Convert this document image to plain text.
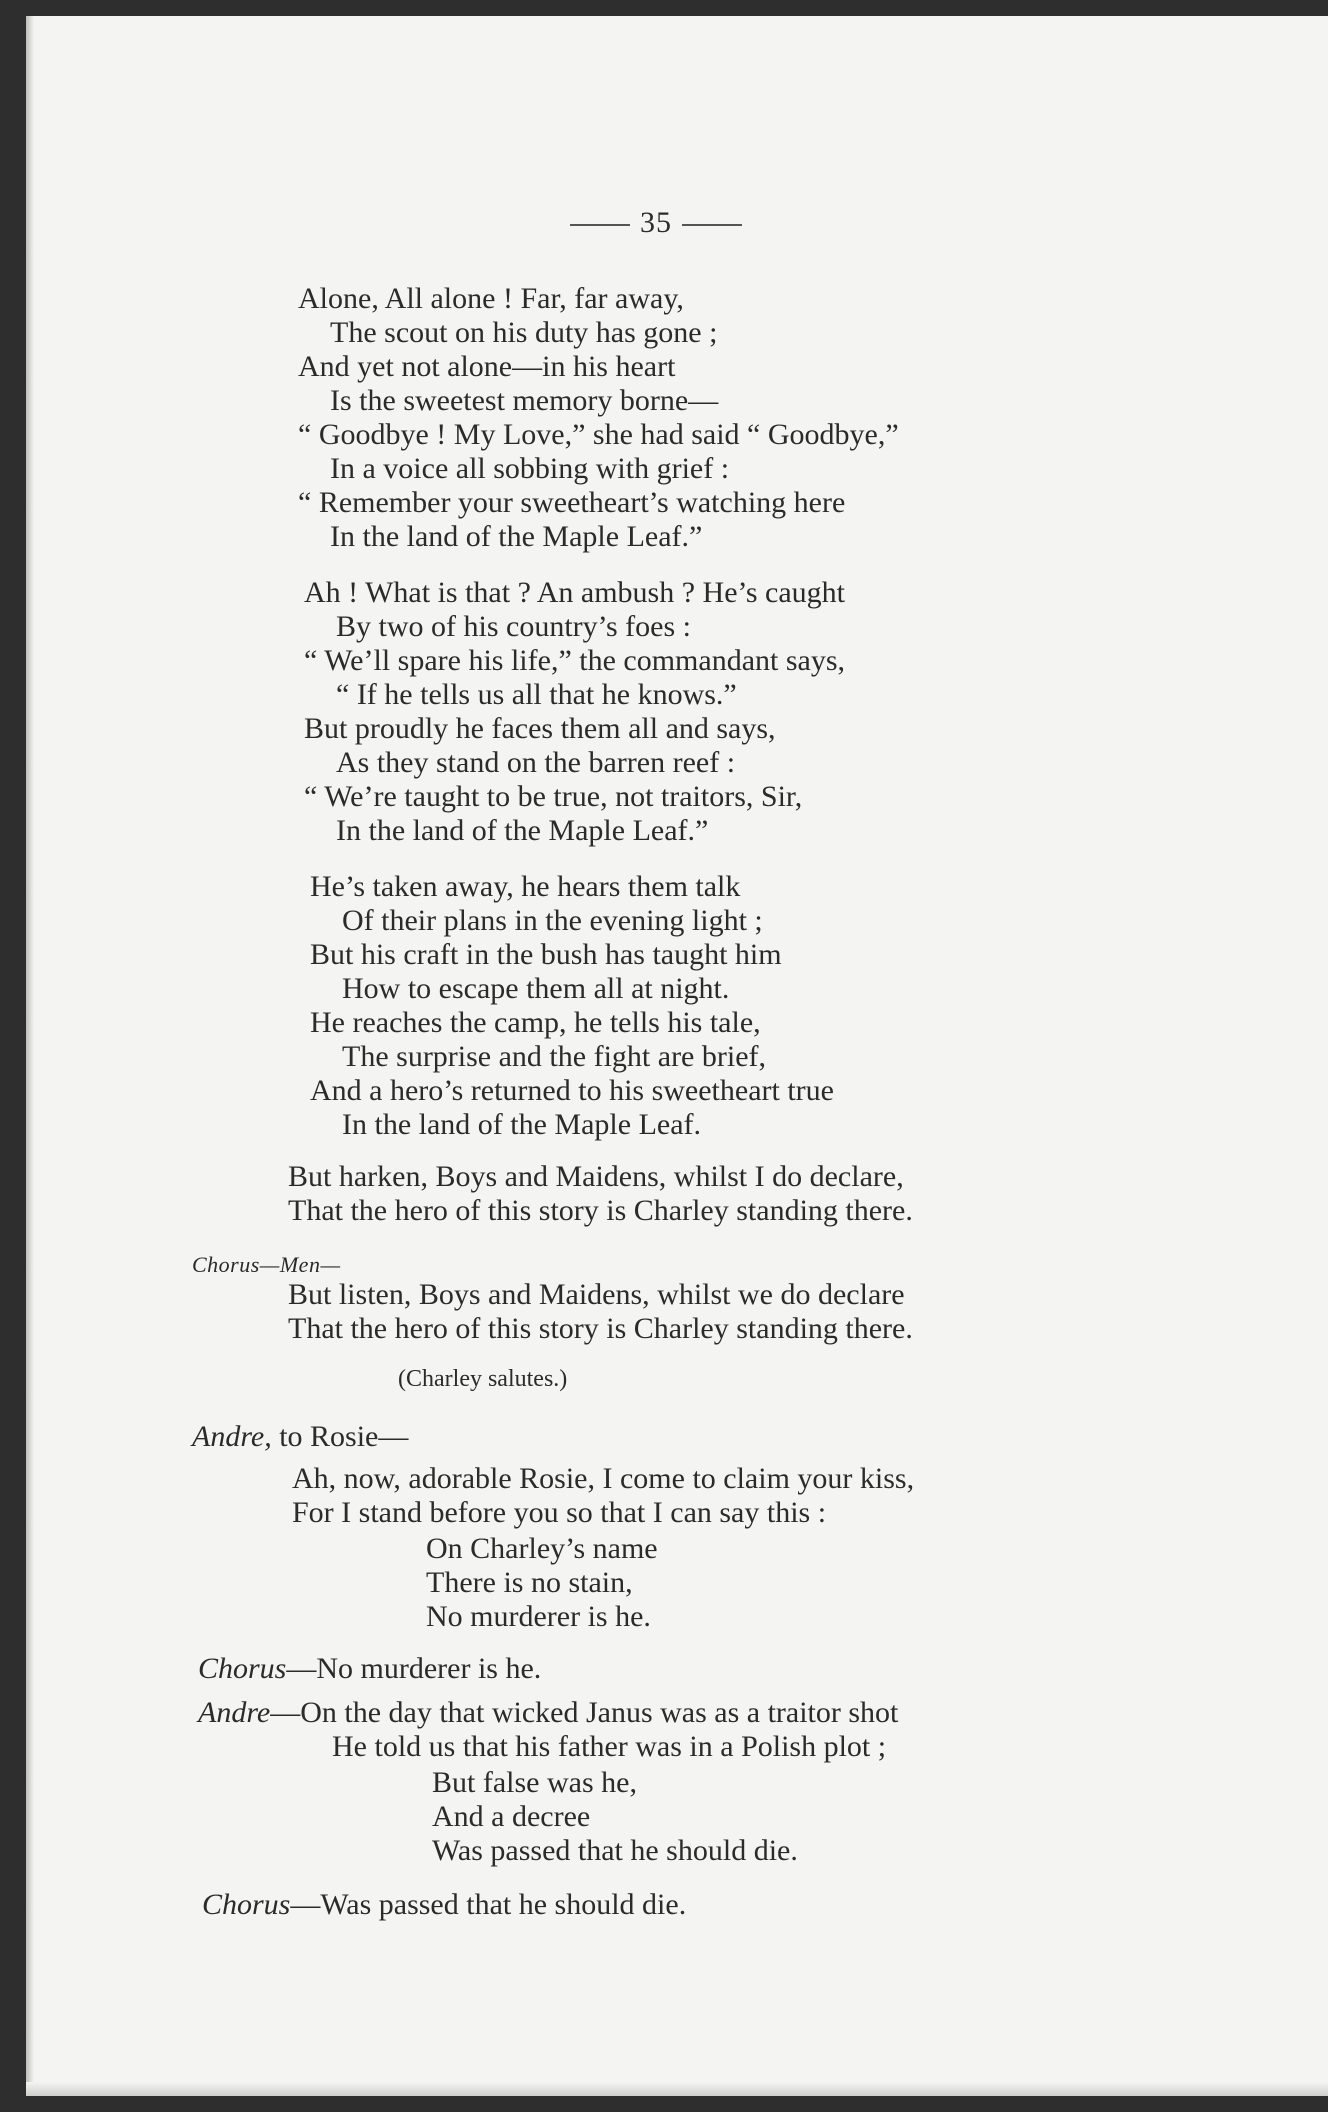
35
Alone, All alone ! Far, far away,
The scout on his duty has gone ;
And yet not alone—in his heart
Is the sweetest memory borne—
“ Goodbye ! My Love,” she had said “ Goodbye,”
In a voice all sobbing with grief :
“ Remember your sweetheart’s watching here
In the land of the Maple Leaf.”
Ah ! What is that ? An ambush ? He’s caught
By two of his country’s foes :
“ We’ll spare his life,” the commandant says,
“ If he tells us all that he knows.”
But proudly he faces them all and says,
As they stand on the barren reef :
“ We’re taught to be true, not traitors, Sir,
In the land of the Maple Leaf.”
He’s taken away, he hears them talk
Of their plans in the evening light ;
But his craft in the bush has taught him
How to escape them all at night.
He reaches the camp, he tells his tale,
The surprise and the fight are brief,
And a hero’s returned to his sweetheart true
In the land of the Maple Leaf.
But harken, Boys and Maidens, whilst I do declare,
That the hero of this story is Charley standing there.
Chorus—Men—
But listen, Boys and Maidens, whilst we do declare
That the hero of this story is Charley standing there.
(Charley salutes.)
Andre, to Rosie—
Ah, now, adorable Rosie, I come to claim your kiss,
For I stand before you so that I can say this :
On Charley’s name
There is no stain,
No murderer is he.
Chorus—No murderer is he.
Andre—On the day that wicked Janus was as a traitor shot
He told us that his father was in a Polish plot ;
But false was he,
And a decree
Was passed that he should die.
Chorus—Was passed that he should die.
